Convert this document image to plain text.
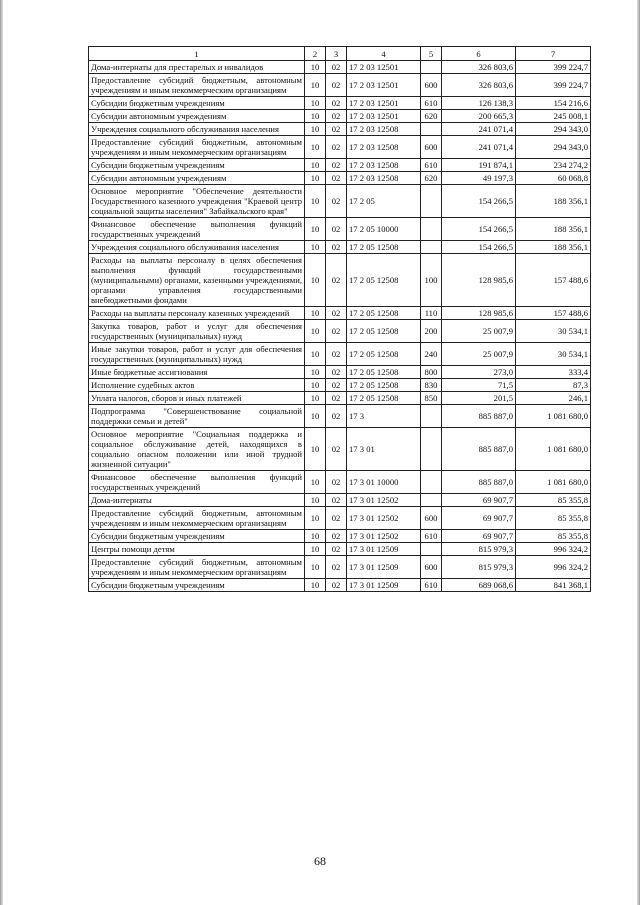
1	2	3	4	5	6	7
Дома-интернаты для престарелых и инвалидов	10	02	17 2 03 12501		326 803,6	399 224,7
Предоставление субсидий бюджетным, автономным учреждениям и иным некоммерческим организациям	10	02	17 2 03 12501	600	326 803,6	399 224,7
Субсидии бюджетным учреждениям	10	02	17 2 03 12501	610	126 138,3	154 216,6
Субсидии автономным учреждениям	10	02	17 2 03 12501	620	200 665,3	245 008,1
Учреждения социального обслуживания населения	10	02	17 2 03 12508		241 071,4	294 343,0
Предоставление субсидий бюджетным, автономным учреждениям и иным некоммерческим организациям	10	02	17 2 03 12508	600	241 071,4	294 343,0
Субсидии бюджетным учреждениям	10	02	17 2 03 12508	610	191 874,1	234 274,2
Субсидии автономным учреждениям	10	02	17 2 03 12508	620	49 197,3	60 068,8
Основное мероприятие "Обеспечение деятельности Государственного казенного учреждения "Краевой центр социальной защиты населения" Забайкальского края"	10	02	17 2 05		154 266,5	188 356,1
Финансовое обеспечение выполнения функций государственных учреждений	10	02	17 2 05 10000		154 266,5	188 356,1
Учреждения социального обслуживания населения	10	02	17 2 05 12508		154 266,5	188 356,1
Расходы на выплаты персоналу в целях обеспечения выполнения функций государственными (муниципальными) органами, казенными учреждениями, органами управления государственными внебюджетными фондами	10	02	17 2 05 12508	100	128 985,6	157 488,6
Расходы на выплаты персоналу казенных учреждений	10	02	17 2 05 12508	110	128 985,6	157 488,6
Закупка товаров, работ и услуг для обеспечения государственных (муниципальных) нужд	10	02	17 2 05 12508	200	25 007,9	30 534,1
Иные закупки товаров, работ и услуг для обеспечения государственных (муниципальных) нужд	10	02	17 2 05 12508	240	25 007,9	30 534,1
Иные бюджетные ассигнования	10	02	17 2 05 12508	800	273,0	333,4
Исполнение судебных актов	10	02	17 2 05 12508	830	71,5	87,3
Уплата налогов, сборов и иных платежей	10	02	17 2 05 12508	850	201,5	246,1
Подпрограмма "Совершенствование социальной поддержки семьи и детей"	10	02	17 3		885 887,0	1 081 680,0
Основное мероприятие "Социальная поддержка и социальное обслуживание детей, находящихся в социально опасном положении или иной трудной жизненной ситуации"	10	02	17 3 01		885 887,0	1 081 680,0
Финансовое обеспечение выполнения функций государственных учреждений	10	02	17 3 01 10000		885 887,0	1 081 680,0
Дома-интернаты	10	02	17 3 01 12502		69 907,7	85 355,8
Предоставление субсидий бюджетным, автономным учреждениям и иным некоммерческим организациям	10	02	17 3 01 12502	600	69 907,7	85 355,8
Субсидии бюджетным учреждениям	10	02	17 3 01 12502	610	69 907,7	85 355,8
Центры помощи детям	10	02	17 3 01 12509		815 979,3	996 324,2
Предоставление субсидий бюджетным, автономным учреждениям и иным некоммерческим организациям	10	02	17 3 01 12509	600	815 979,3	996 324,2
Субсидии бюджетным учреждениям	10	02	17 3 01 12509	610	689 068,6	841 368,1
68
